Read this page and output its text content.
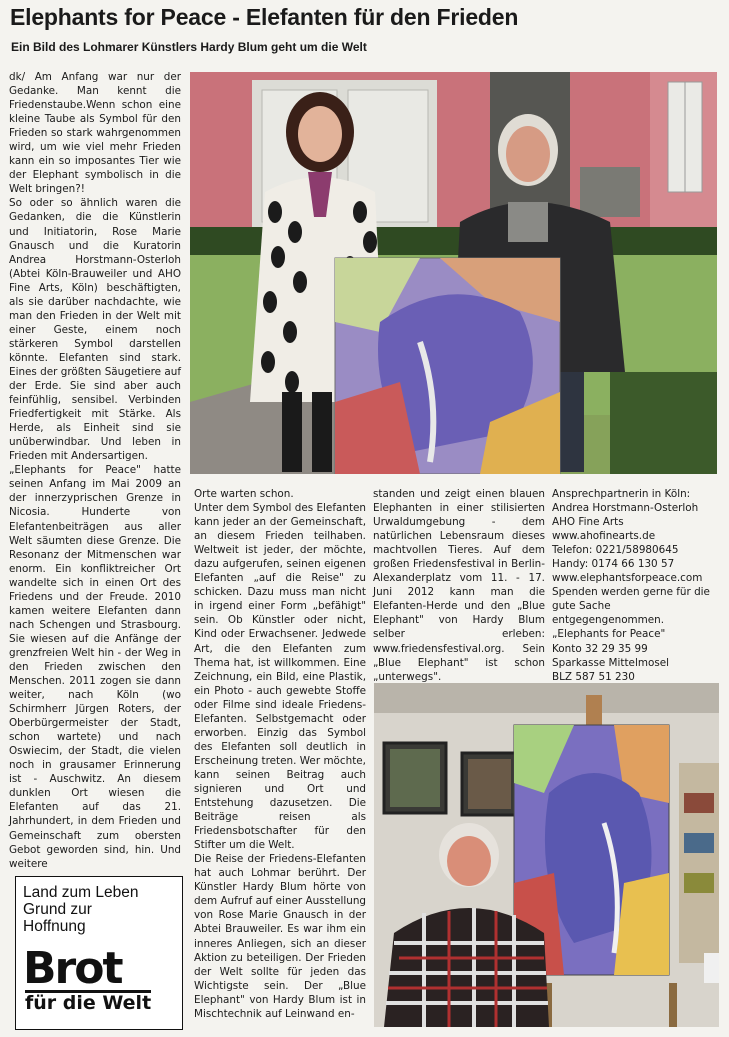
Elephants for Peace - Elefanten für den Frieden
Ein Bild des Lohmarer Künstlers Hardy Blum geht um die Welt

dk/ Am Anfang war nur der Gedanke. Man kennt die Friedenstaube.Wenn schon eine kleine Taube als Symbol für den Frieden so stark wahrgenommen wird, um wie viel mehr Frieden kann ein so imposantes Tier wie der Elephant symbolisch in die Welt bringen?!

So oder so ähnlich waren die Gedanken, die die Künstlerin und Initiatorin, Rose Marie Gnausch und die Kuratorin Andrea Horstmann-Osterloh (Abtei Köln-Brauweiler und AHO Fine Arts, Köln) beschäftigten, als sie darüber nachdachte, wie man den Frieden in der Welt mit einer Geste, einem noch stärkeren Symbol darstellen könnte. Elefanten sind stark. Eines der größten Säugetiere auf der Erde. Sie sind aber auch feinfühlig, sensibel. Verbinden Friedfertigkeit mit Stärke. Als Herde, als Einheit sind sie unüberwindbar. Und leben in Frieden mit Andersartigen.

„Elephants for Peace" hatte seinen Anfang im Mai 2009 an der innerzyprischen Grenze in Nicosia. Hunderte von Elefantenbeiträgen aus aller Welt säumten diese Grenze. Die Resonanz der Mitmenschen war enorm. Ein konfliktreicher Ort wandelte sich in einen Ort des Friedens und der Freude. 2010 kamen weitere Elefanten dann nach Schengen und Strasbourg. Sie wiesen auf die Anfänge der grenzfreien Welt hin - der Weg in den Frieden zwischen den Menschen. 2011 zogen sie dann weiter, nach Köln (wo Schirmherr Jürgen Roters, der Oberbürgermeister der Stadt, schon wartete) und nach Oswiecim, der Stadt, die vielen noch in grausamer Erinnerung ist - Auschwitz. An diesem dunklen Ort wiesen die Elefanten auf das 21. Jahrhundert, in dem Frieden und Gemeinschaft zum obersten Gebot geworden sind, hin. Und weitere

Orte warten schon.

Unter dem Symbol des Elefanten kann jeder an der Gemeinschaft, an diesem Frieden teilhaben. Weltweit ist jeder, der möchte, dazu aufgerufen, seinen eigenen Elefanten „auf die Reise" zu schicken. Dazu muss man nicht in irgend einer Form „befähigt" sein. Ob Künstler oder nicht, Kind oder Erwachsener. Jedwede Art, die den Elefanten zum Thema hat, ist willkommen. Eine Zeichnung, ein Bild, eine Plastik, ein Photo - auch gewebte Stoffe oder Filme sind ideale Friedens-Elefanten. Selbstgemacht oder erworben. Einzig das Symbol des Elefanten soll deutlich in Erscheinung treten. Wer möchte, kann seinen Beitrag auch signieren und Ort und Entstehung dazusetzen. Die Beiträge reisen als Friedensbotschafter für den Stifter um die Welt.

Die Reise der Friedens-Elefanten hat auch Lohmar berührt. Der Künstler Hardy Blum hörte von dem Aufruf auf einer Ausstellung von Rose Marie Gnausch in der Abtei Brauweiler. Es war ihm ein inneres Anliegen, sich an dieser Aktion zu beteiligen. Der Frieden der Welt sollte für jeden das Wichtigste sein. Der „Blue Elephant" von Hardy Blum ist in Mischtechnik auf Leinwand en-

standen und zeigt einen blauen Elephanten in einer stilisierten Urwaldumgebung - dem natürlichen Lebensraum dieses machtvollen Tieres. Auf dem großen Friedensfestival in Berlin- Alexanderplatz vom 11. - 17. Juni 2012 kann man die Elefanten-Herde und den „Blue Elephant" von Hardy Blum selber erleben: www.friedensfestival.org. Sein „Blue Elephant" ist schon „unterwegs".

Ansprechpartnerin in Köln:

Andrea Horstmann-Osterloh

AHO Fine Arts www.ahofinearts.de

Telefon: 0221/58980645

Handy: 0174 66 130 57

www.elephantsforpeace.com

Spenden werden gerne für die gute Sache entgegengenommen.

„Elephants for Peace"

Konto 32 29 35 99

Sparkasse Mittelmosel

BLZ 587 51 230

Land zum Leben
Grund zur
Hoffnung
Brot
für die Welt
